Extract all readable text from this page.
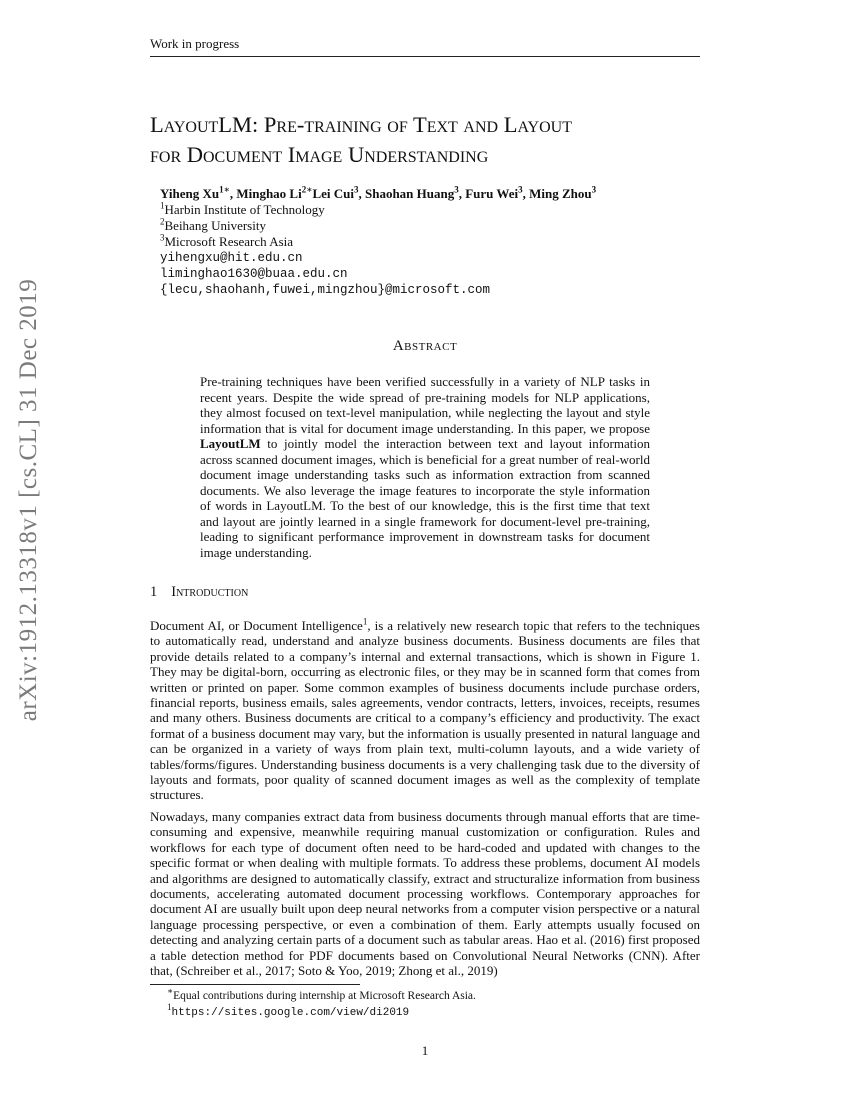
Work in progress
arXiv:1912.13318v1 [cs.CL] 31 Dec 2019
LayoutLM: Pre-training of Text and Layout
for Document Image Understanding
Yiheng $Xu^{1∗}$, Minghao $Li^{2∗}Lei$ Cui$^3$, Shaohan Huang$^3$, Furu Wei$^3$, Ming Zhou$^3$
$^1$Harbin Institute of Technology
$^2$Beihang University
$^3$Microsoft Research Asia
yihengxu@hit.edu.cn
liminghao1630@buaa.edu.cn
{lecu,shaohanh,fuwei,mingzhou}@microsoft.com
Abstract
Pre-training techniques have been verified successfully in a variety of NLP tasks in recent years. Despite the wide spread of pre-training models for NLP applications, they almost focused on text-level manipulation, while neglecting the layout and style information that is vital for document image understanding. In this paper, we propose LayoutLM to jointly model the interaction between text and layout information across scanned document images, which is beneficial for a great number of real-world document image understanding tasks such as information extraction from scanned documents. We also leverage the image features to incorporate the style information of words in LayoutLM. To the best of our knowledge, this is the first time that text and layout are jointly learned in a single framework for document-level pre-training, leading to significant performance improvement in downstream tasks for document image understanding.
1 Introduction

Document AI, or Document Intelligence$^1$, is a relatively new research topic that refers to the techniques to automatically read, understand and analyze business documents. Business documents are files that provide details related to a company’s internal and external transactions, which is shown in Figure 1. They may be digital-born, occurring as electronic files, or they may be in scanned form that comes from written or printed on paper. Some common examples of business documents include purchase orders, financial reports, business emails, sales agreements, vendor contracts, letters, invoices, receipts, resumes and many others. Business documents are critical to a company’s efficiency and productivity. The exact format of a business document may vary, but the information is usually presented in natural language and can be organized in a variety of ways from plain text, multi-column layouts, and a wide variety of tables/forms/figures. Understanding business documents is a very challenging task due to the diversity of layouts and formats, poor quality of scanned document images as well as the complexity of template structures.

Nowadays, many companies extract data from business documents through manual efforts that are time-consuming and expensive, meanwhile requiring manual customization or configuration. Rules and workflows for each type of document often need to be hard-coded and updated with changes to the specific format or when dealing with multiple formats. To address these problems, document AI models and algorithms are designed to automatically classify, extract and structuralize information from business documents, accelerating automated document processing workflows. Contemporary approaches for document AI are usually built upon deep neural networks from a computer vision perspective or a natural language processing perspective, or even a combination of them. Early attempts usually focused on detecting and analyzing certain parts of a document such as tabular areas. Hao et al. (2016) first proposed a table detection method for PDF documents based on Convolutional Neural Networks (CNN). After that, (Schreiber et al., 2017; Soto & Yoo, 2019; Zhong et al., 2019)

∗Equal contributions during internship at Microsoft Research Asia.
$^1$https://sites.google.com/view/di2019
1
